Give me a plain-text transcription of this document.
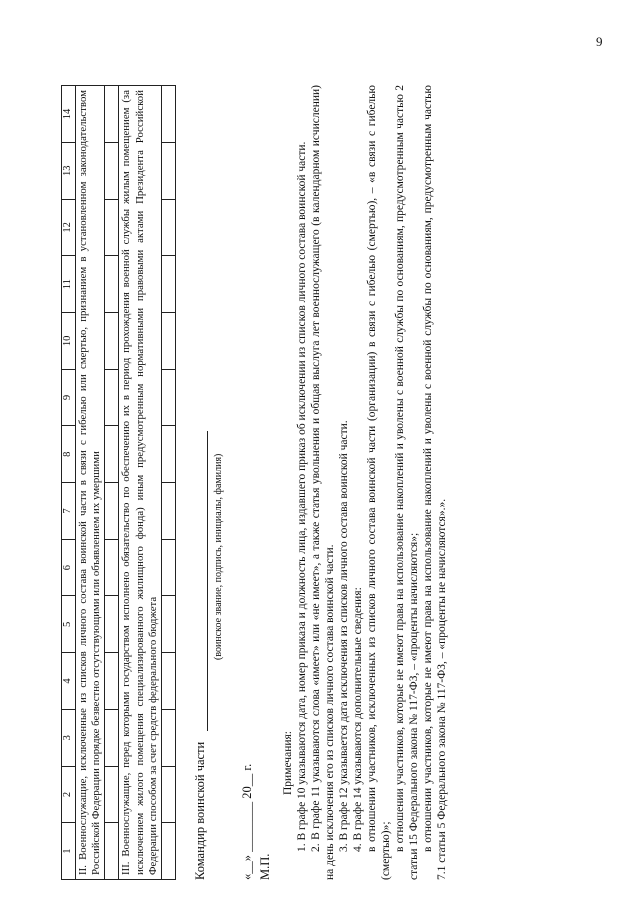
9
1	2	3	4	5	6	7	8	9	10	11	12	13	14
II. Военнослужащие, исключенные из списков личного состава воинской части в связи с гибелью или смертью, признанием в установленном законодательством Российской Федерации порядке безвестно отсутствующими или объявлением их умершими													

III. Военнослужащие, перед которыми государством исполнено обязательство по обеспечению их в период прохождения военной службы жилым помещением (за исключением жилого помещения специализированного жилищного фонда) иным предусмотренным нормативными правовыми актами Президента Российской Федерации способом за счет средств федерального бюджета													
														Командир воинской части
(воинское звание, подпись, инициалы, фамилия)
«__» ________ 20__ г. М.П.

Примечания: 1. В графе 10 указываются дата, номер приказа и должность лица, издавшего приказ об исключении из списков личного состава воинской части. 2. В графе 11 указываются слова «имеет» или «не имеет», а также статья увольнения и общая выслуга лет военнослужащего (в календарном исчислении) на день исключения его из списков личного состава воинской части. 3. В графе 12 указывается дата исключения из списков личного состава воинской части. 4. В графе 14 указываются дополнительные сведения: в отношении участников, исключенных из списков личного состава воинской части (организации) в связи с гибелью (смертью), – «в связи с гибелью (смертью)»; в отношении участников, которые не имеют права на использование накоплений и уволены с военной службы по основаниям, предусмотренным частью 2 статьи 15 Федерального закона № 117-ФЗ, – «проценты начисляются»; в отношении участников, которые не имеют права на использование накоплений и уволены с военной службы по основаниям, предусмотренным частью 7.1 статьи 5 Федерального закона № 117-ФЗ, – «проценты не начисляются».».
